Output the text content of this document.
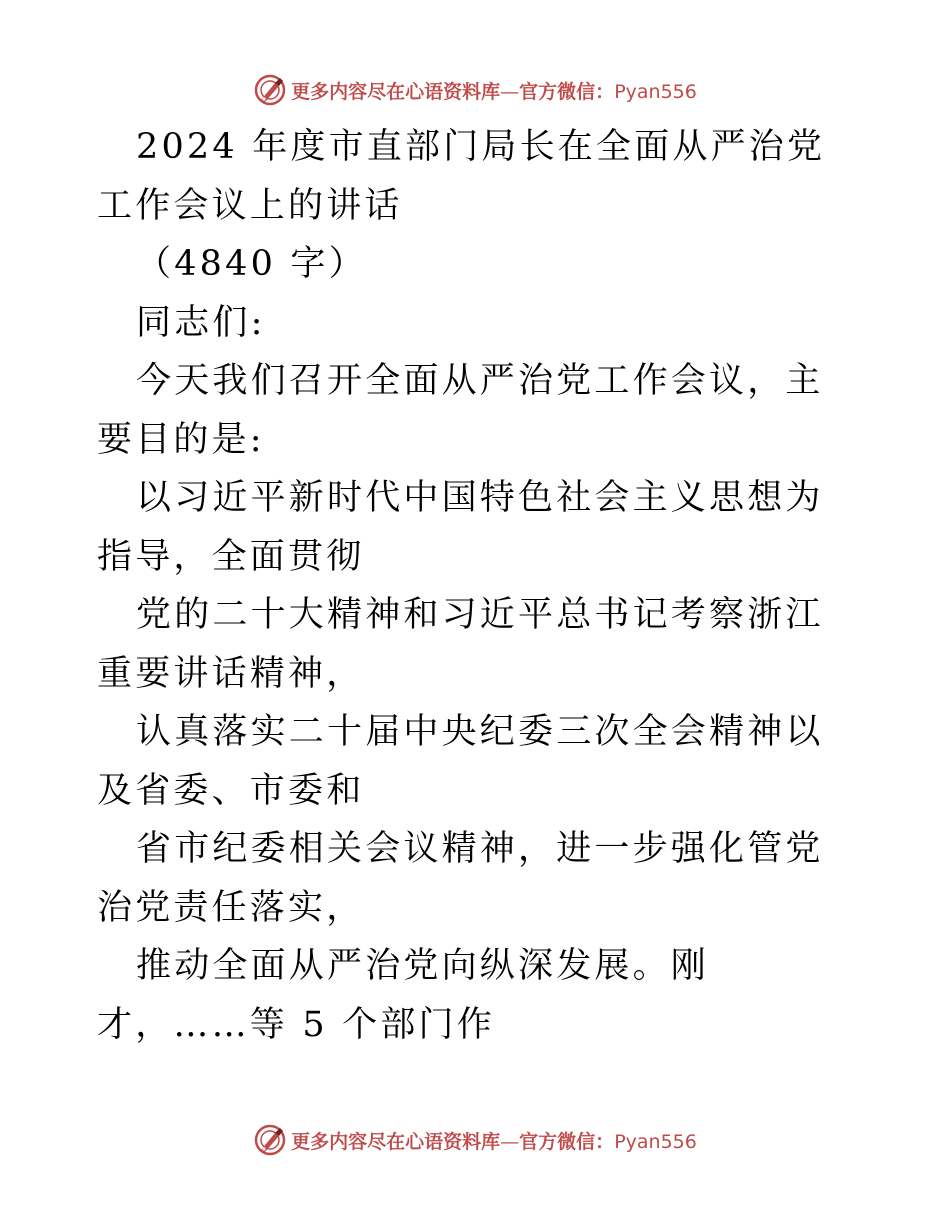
更多内容尽在心语资料库—官方微信：Pyan556

2024 年度市直部门局长在全面从严治党工作会议上的讲话

（4840 字）

同志们:

今天我们召开全面从严治党工作会议，主要目的是:

以习近平新时代中国特色社会主义思想为指导，全面贯彻

党的二十大精神和习近平总书记考察浙江重要讲话精神，

认真落实二十届中央纪委三次全会精神以及省委、市委和

省市纪委相关会议精神，进一步强化管党治党责任落实，

推动全面从严治党向纵深发展。刚才，……等 5 个部门作

更多内容尽在心语资料库—官方微信：Pyan556
